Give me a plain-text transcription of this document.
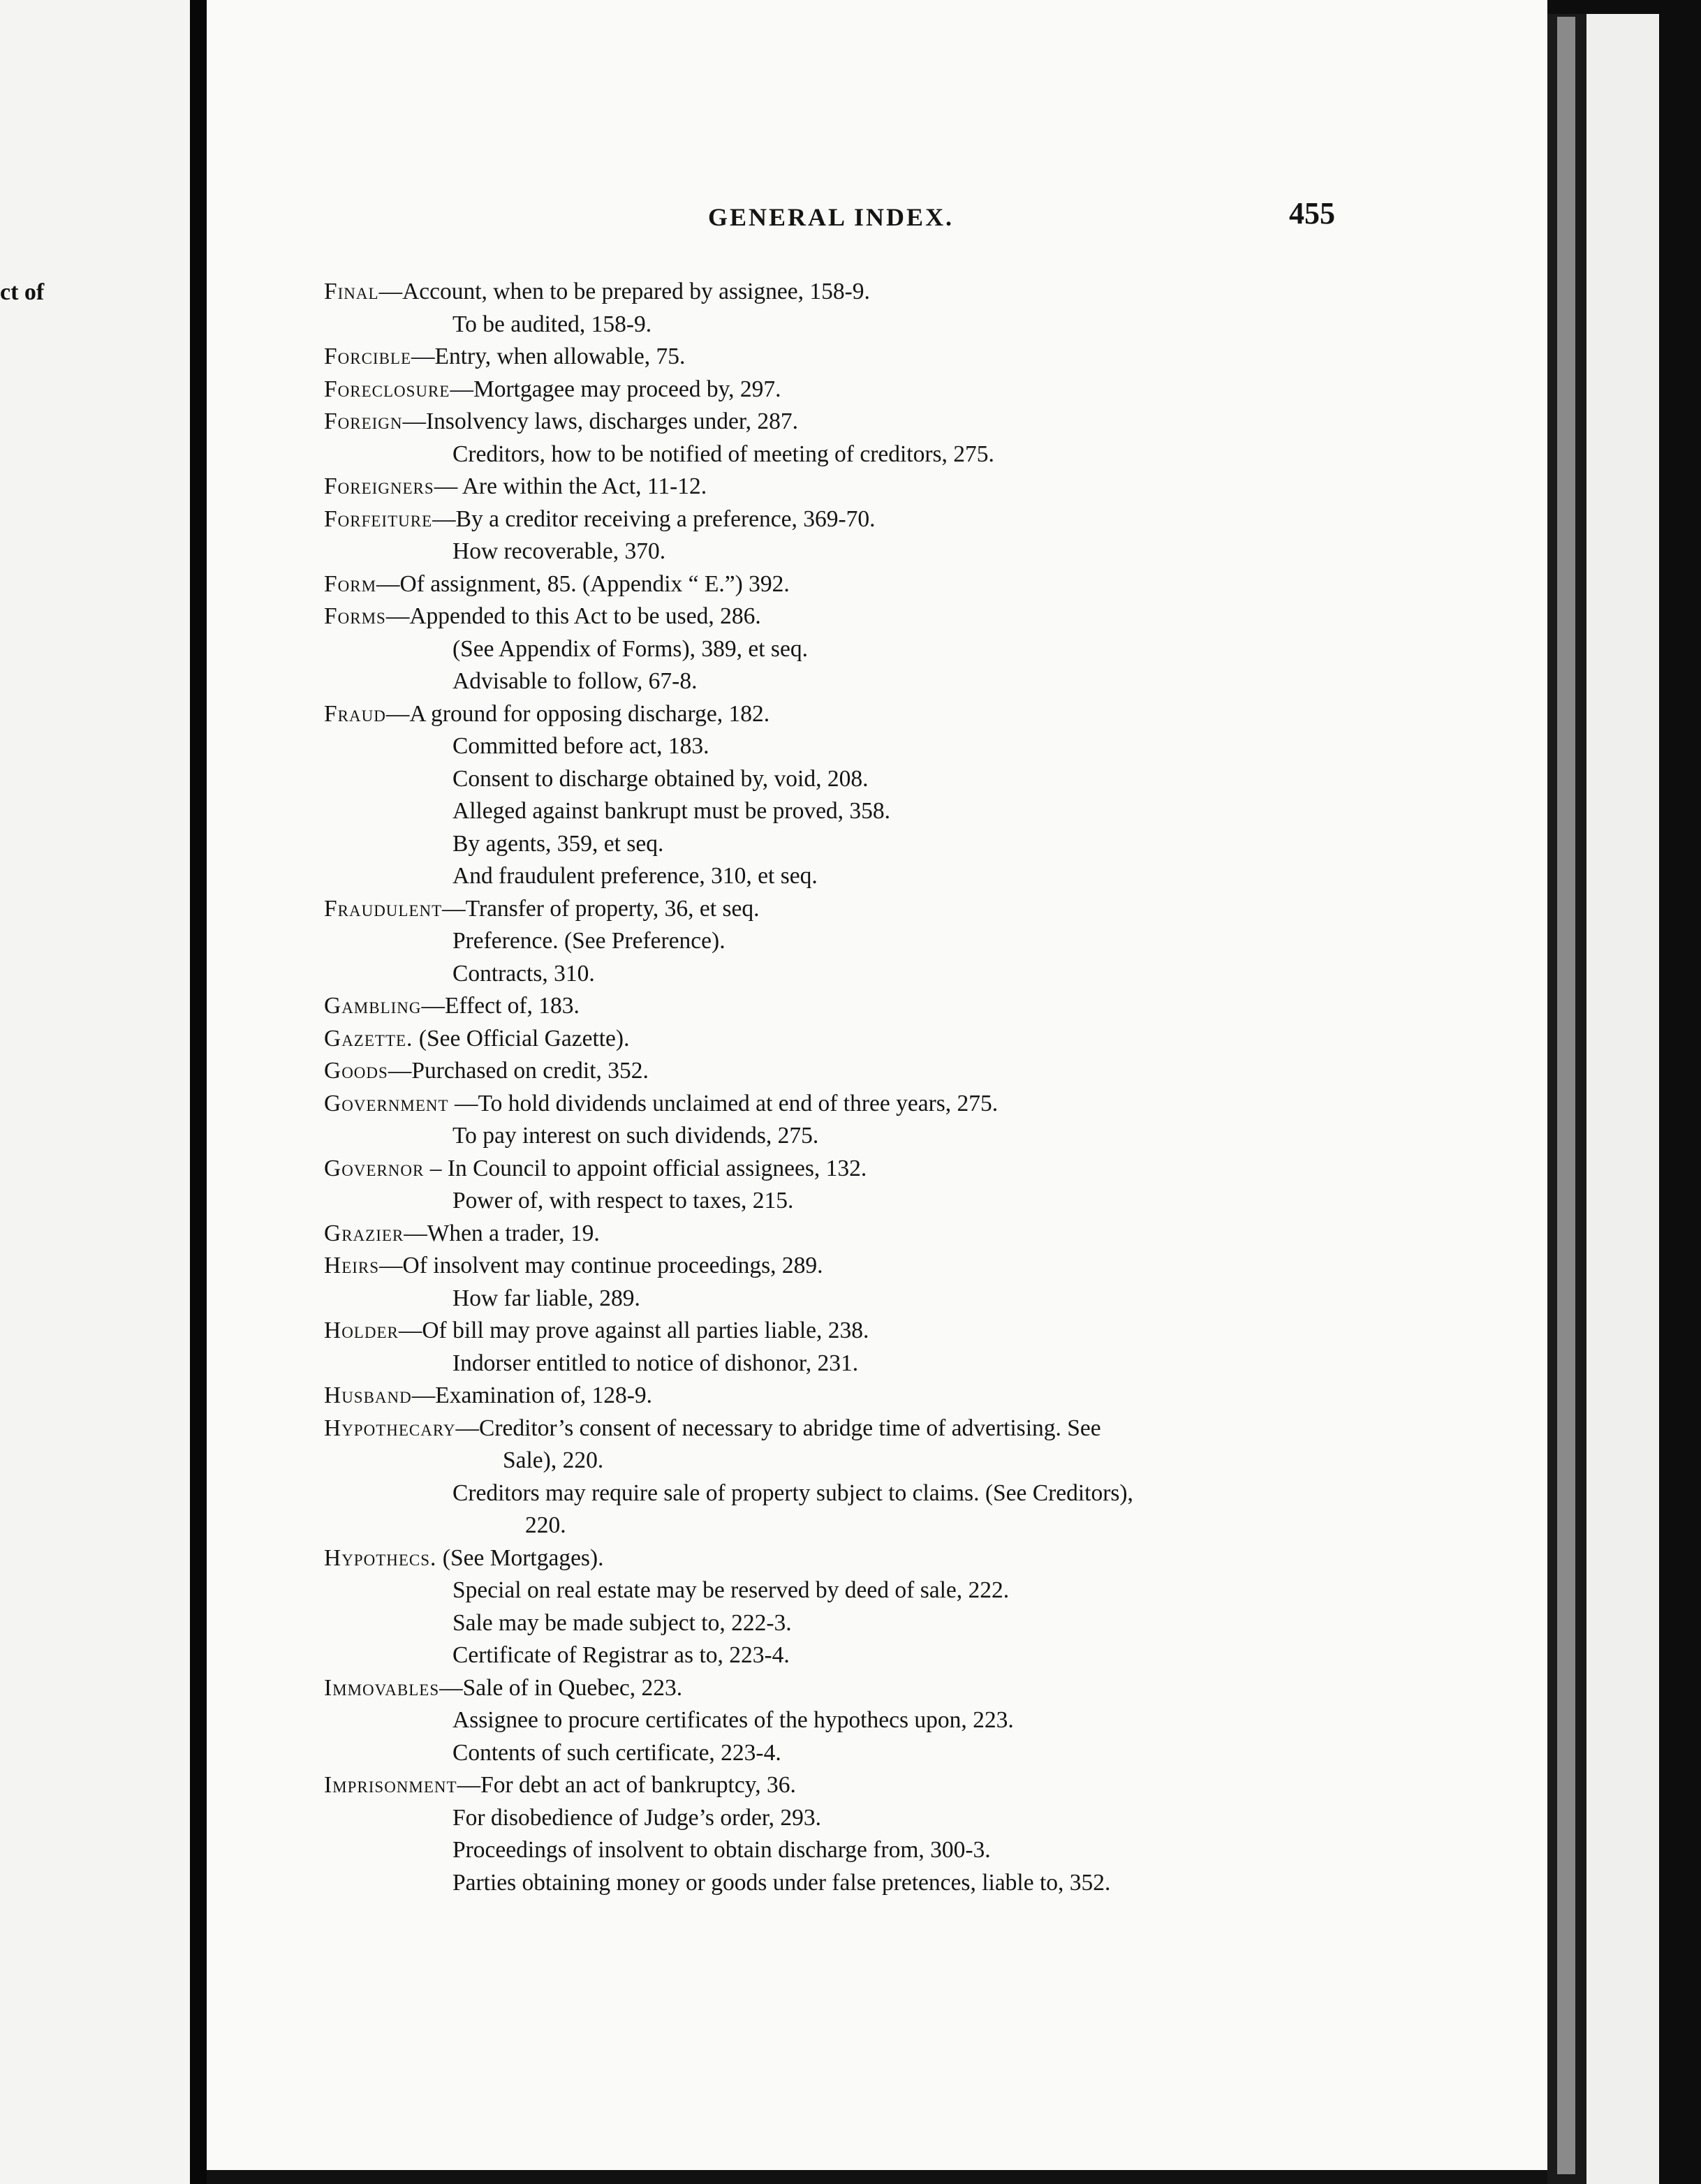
ct of
GENERAL INDEX.	455
Final—Account, when to be prepared by assignee, 158-9.
To be audited, 158-9.
Forcible—Entry, when allowable, 75.
Foreclosure—Mortgagee may proceed by, 297.
Foreign—Insolvency laws, discharges under, 287.
Creditors, how to be notified of meeting of creditors, 275.
Foreigners— Are within the Act, 11-12.
Forfeiture—By a creditor receiving a preference, 369-70.
How recoverable, 370.
Form—Of assignment, 85. (Appendix “ E.”) 392.
Forms—Appended to this Act to be used, 286.
(See Appendix of Forms), 389, et seq.
Advisable to follow, 67-8.
Fraud—A ground for opposing discharge, 182.
Committed before act, 183.
Consent to discharge obtained by, void, 208.
Alleged against bankrupt must be proved, 358.
By agents, 359, et seq.
And fraudulent preference, 310, et seq.
Fraudulent—Transfer of property, 36, et seq.
Preference. (See Preference).
Contracts, 310.
Gambling—Effect of, 183.
Gazette. (See Official Gazette).
Goods—Purchased on credit, 352.
Government —To hold dividends unclaimed at end of three years, 275.
To pay interest on such dividends, 275.
Governor – In Council to appoint official assignees, 132.
Power of, with respect to taxes, 215.
Grazier—When a trader, 19.
Heirs—Of insolvent may continue proceedings, 289.
How far liable, 289.
Holder—Of bill may prove against all parties liable, 238.
Indorser entitled to notice of dishonor, 231.
Husband—Examination of, 128-9.
Hypothecary—Creditor’s consent of necessary to abridge time of advertising. See
Sale), 220.
Creditors may require sale of property subject to claims. (See Creditors),
220.
Hypothecs. (See Mortgages).
Special on real estate may be reserved by deed of sale, 222.
Sale may be made subject to, 222-3.
Certificate of Registrar as to, 223-4.
Immovables—Sale of in Quebec, 223.
Assignee to procure certificates of the hypothecs upon, 223.
Contents of such certificate, 223-4.
Imprisonment—For debt an act of bankruptcy, 36.
For disobedience of Judge’s order, 293.
Proceedings of insolvent to obtain discharge from, 300-3.
Parties obtaining money or goods under false pretences, liable to, 352.
